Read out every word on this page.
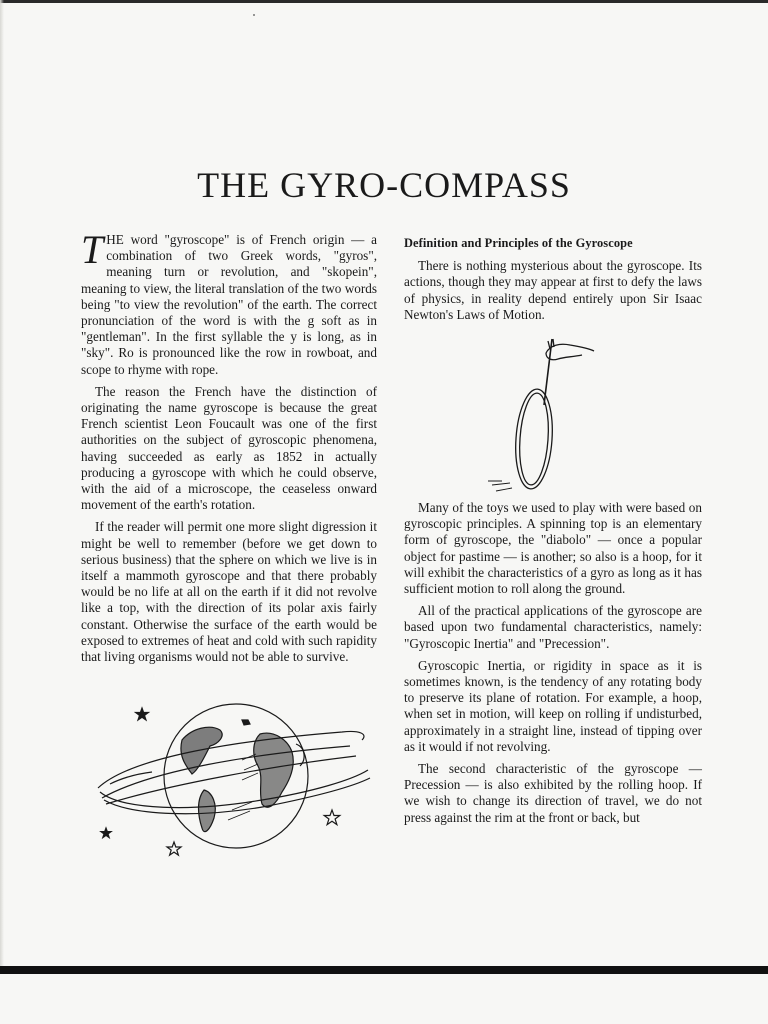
THE GYRO-COMPASS

THE word "gyroscope" is of French origin — a combination of two Greek words, "gyros", meaning turn or revolution, and "skopein", meaning to view, the literal translation of the two words being "to view the revolution" of the earth. The correct pronunciation of the word is with the g soft as in "gentleman". In the first syllable the y is long, as in "sky". Ro is pronounced like the row in rowboat, and scope to rhyme with rope.

The reason the French have the distinction of originating the name gyroscope is because the great French scientist Leon Foucault was one of the first authorities on the subject of gyroscopic phenomena, having succeeded as early as 1852 in actually producing a gyroscope with which he could observe, with the aid of a microscope, the ceaseless onward movement of the earth's rotation.

If the reader will permit one more slight digression it might be well to remember (before we get down to serious business) that the sphere on which we live is in itself a mammoth gyroscope and that there probably would be no life at all on the earth if it did not revolve like a top, with the direction of its polar axis fairly constant. Otherwise the surface of the earth would be exposed to extremes of heat and cold with such rapidity that living organisms would not be able to survive.

Definition and Principles of the Gyroscope

There is nothing mysterious about the gyroscope. Its actions, though they may appear at first to defy the laws of physics, in reality depend entirely upon Sir Isaac Newton's Laws of Motion.

Many of the toys we used to play with were based on gyroscopic principles. A spinning top is an elementary form of gyroscope, the "diabolo" — once a popular object for pastime — is another; so also is a hoop, for it will exhibit the characteristics of a gyro as long as it has sufficient motion to roll along the ground.

All of the practical applications of the gyroscope are based upon two fundamental characteristics, namely: "Gyroscopic Inertia" and "Precession".

Gyroscopic Inertia, or rigidity in space as it is sometimes known, is the tendency of any rotating body to preserve its plane of rotation. For example, a hoop, when set in motion, will keep on rolling if undisturbed, approximately in a straight line, instead of tipping over as it would if not revolving.

The second characteristic of the gyroscope — Precession — is also exhibited by the rolling hoop. If we wish to change its direction of travel, we do not press against the rim at the front or back, but
